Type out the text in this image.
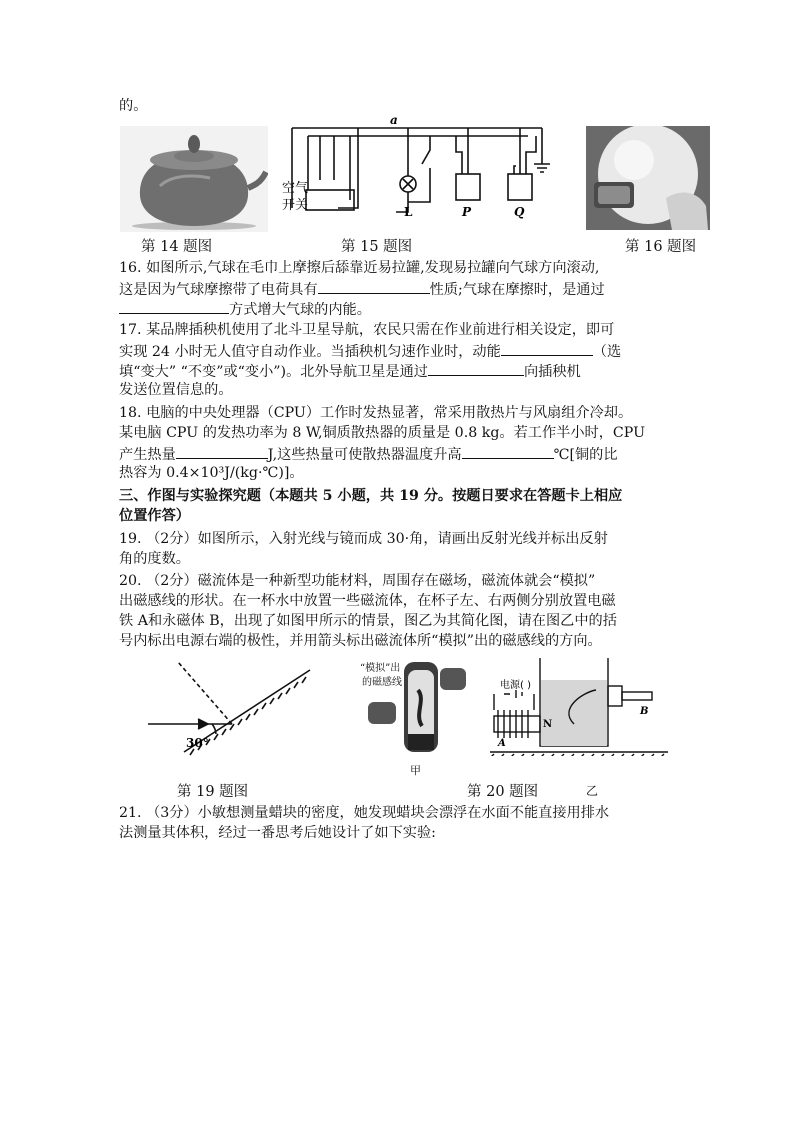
的。
a
空气
开关	L	P	Q
第 14 题图	第 15 题图	第 16 题图
16. 如图所示,气球在毛巾上摩擦后舔靠近易拉罐,发现易拉罐向气球方向滚动,
这是因为气球摩擦带了电荷具有	性质;气球在摩擦时，是通过
方式增大气球的内能。
17. 某品牌插秧机使用了北斗卫星导航，农民只需在作业前进行相关设定，即可
实现 24 小时无人值守自动作业。当插秧机匀速作业时，动能	（选
填“变大” “不变”或“变小”)。北外导航卫星是通过	向插秧机
发送位置信息的。
18. 电脑的中央处理器（CPU）工作时发热显著，常采用散热片与风扇组介冷却。
某电脑 CPU 的发热功率为 8 W,铜质散热器的质量是 0.8 kg。若工作半小时，CPU
产生热量	J,这些热量可使散热器温度升高	℃[铜的比
热容为 0.4×10³J/(kg·℃)]。
三、作图与实验探究题（本题共 5 小题，共 19 分。按题日要求在答题卡上相应
位置作答）
19. （2分）如图所示，入射光线与镜而成 30·角，请画出反射光线并标出反射
角的度数。
20. （2分）磁流体是一种新型功能材料，周围存在磁场，磁流体就会“模拟”
出磁感线的形状。在一杯水中放置一些磁流体，在杯子左、右两侧分别放置电磁
铁 A和永磁体 B，出现了如图甲所示的情景，图乙为其简化图，请在图乙中的括
号内标出电源右端的极性，并用箭头标出磁流体所“模拟”出的磁感线的方向。
30°
“模拟”出
的磁感线
甲
电源( )
N
A
B
第 19 题图	第 20 题图	乙
21. （3分）小敏想测量蜡块的密度，她发现蜡块会漂浮在水面不能直接用排水
法测量其体积，经过一番思考后她设计了如下实验:
